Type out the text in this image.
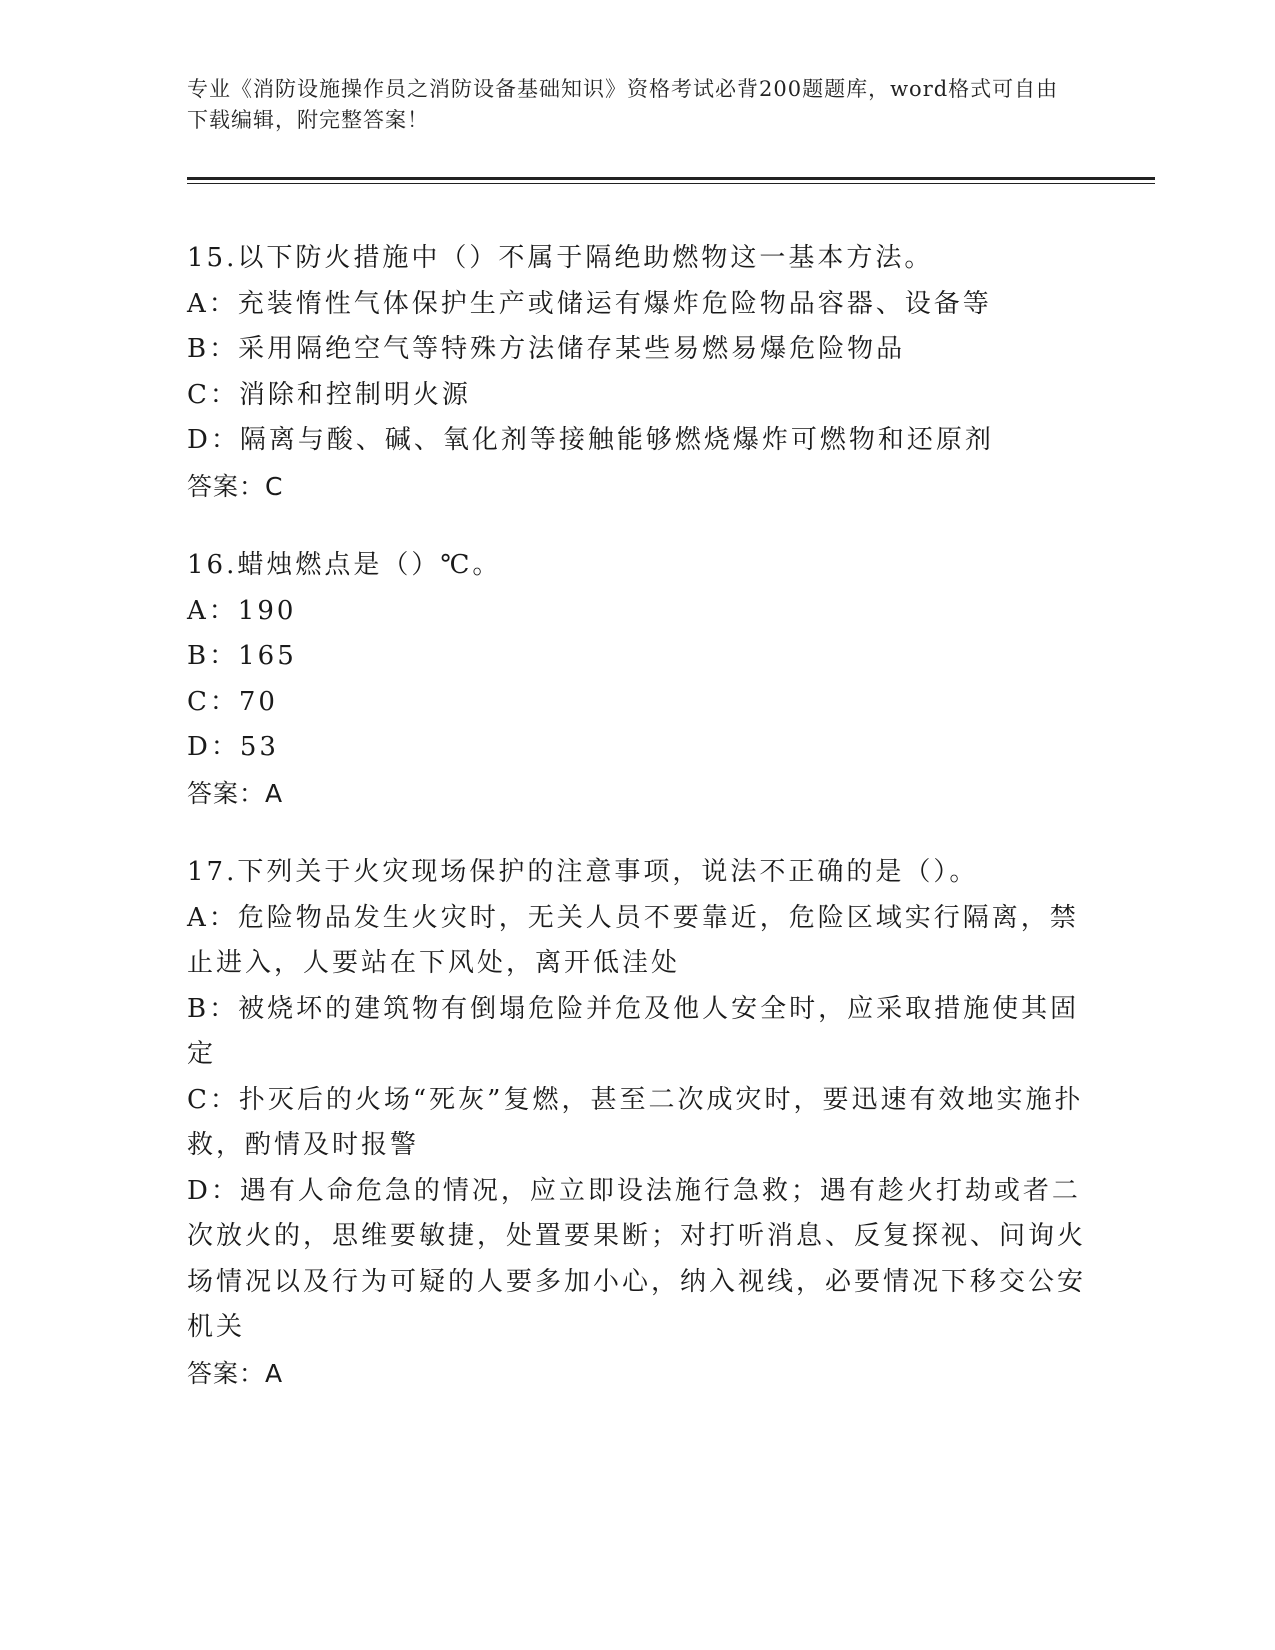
专业《消防设施操作员之消防设备基础知识》资格考试必背200题题库，word格式可自由下载编辑，附完整答案！
15.以下防火措施中（）不属于隔绝助燃物这一基本方法。
A：充装惰性气体保护生产或储运有爆炸危险物品容器、设备等
B：采用隔绝空气等特殊方法储存某些易燃易爆危险物品
C：消除和控制明火源
D：隔离与酸、碱、氧化剂等接触能够燃烧爆炸可燃物和还原剂
答案：C
16.蜡烛燃点是（）℃。
A：190
B：165
C：70
D：53
答案：A
17.下列关于火灾现场保护的注意事项，说法不正确的是（）。
A：危险物品发生火灾时，无关人员不要靠近，危险区域实行隔离，禁止进入，人要站在下风处，离开低洼处
B：被烧坏的建筑物有倒塌危险并危及他人安全时，应采取措施使其固定
C：扑灭后的火场“死灰”复燃，甚至二次成灾时，要迅速有效地实施扑救，酌情及时报警
D：遇有人命危急的情况，应立即设法施行急救；遇有趁火打劫或者二次放火的，思维要敏捷，处置要果断；对打听消息、反复探视、问询火场情况以及行为可疑的人要多加小心，纳入视线，必要情况下移交公安机关
答案：A
